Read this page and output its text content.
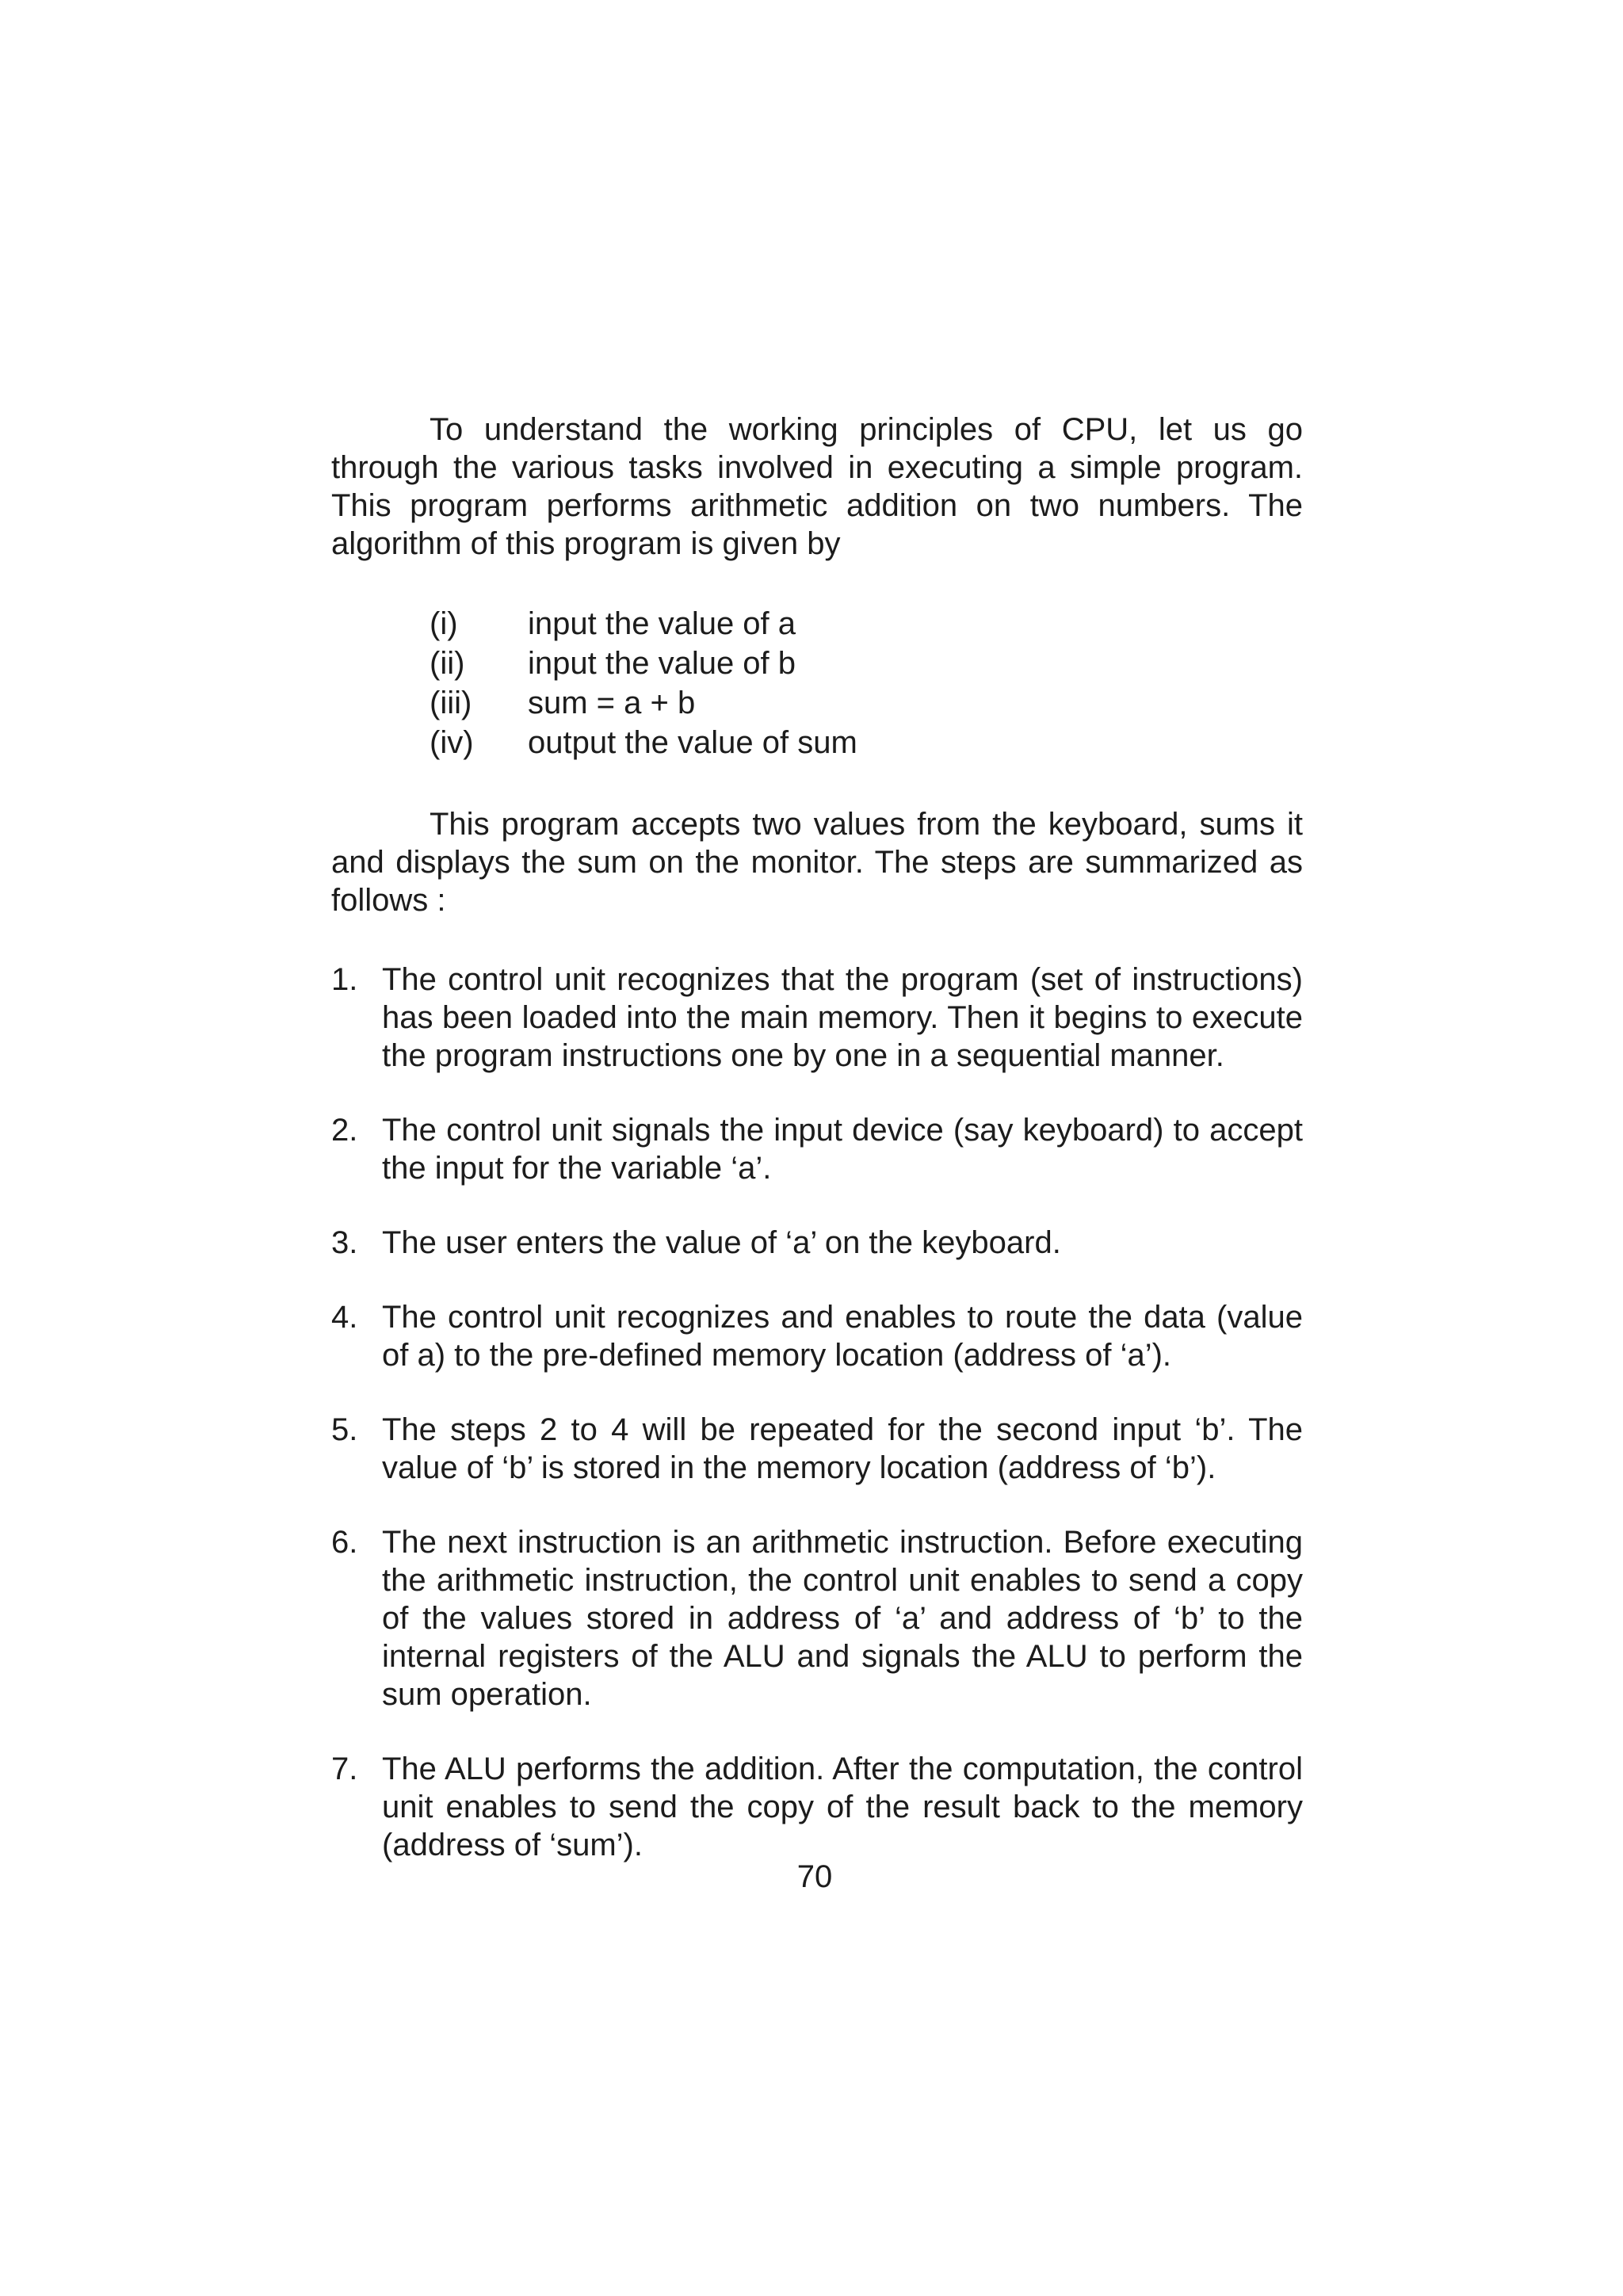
To understand the working principles of CPU, let us go through the various tasks involved in executing a simple program. This program performs arithmetic addition on two numbers. The algorithm of this program is given by

(i)	input the value of a
(ii)	input the value of b
(iii)	sum = a + b
(iv)	output the value of sum

This program accepts two values from the keyboard, sums it and displays the sum on the monitor. The steps are summarized as follows :

1. The control unit recognizes that the program (set of instructions) has been loaded into the main memory. Then it begins to execute the program instructions one by one in a sequential manner.
2. The control unit signals the input device (say keyboard) to accept the input for the variable ‘a’.
3. The user enters the value of ‘a’ on the keyboard.
4. The control unit recognizes and enables to route the data (value of a) to the pre-defined memory location (address of ‘a’).
5. The steps 2 to 4 will be repeated for the second input ‘b’. The value of ‘b’ is stored in the memory location (address of ‘b’).
6. The next instruction is an arithmetic instruction. Before executing the arithmetic instruction, the control unit enables to send a copy of the values stored in address of ‘a’ and address of ‘b’ to the internal registers of the ALU and signals the ALU to perform the sum operation.
7. The ALU performs the addition. After the computation, the control unit enables to send the copy of the result back to the memory (address of ‘sum’).
70
